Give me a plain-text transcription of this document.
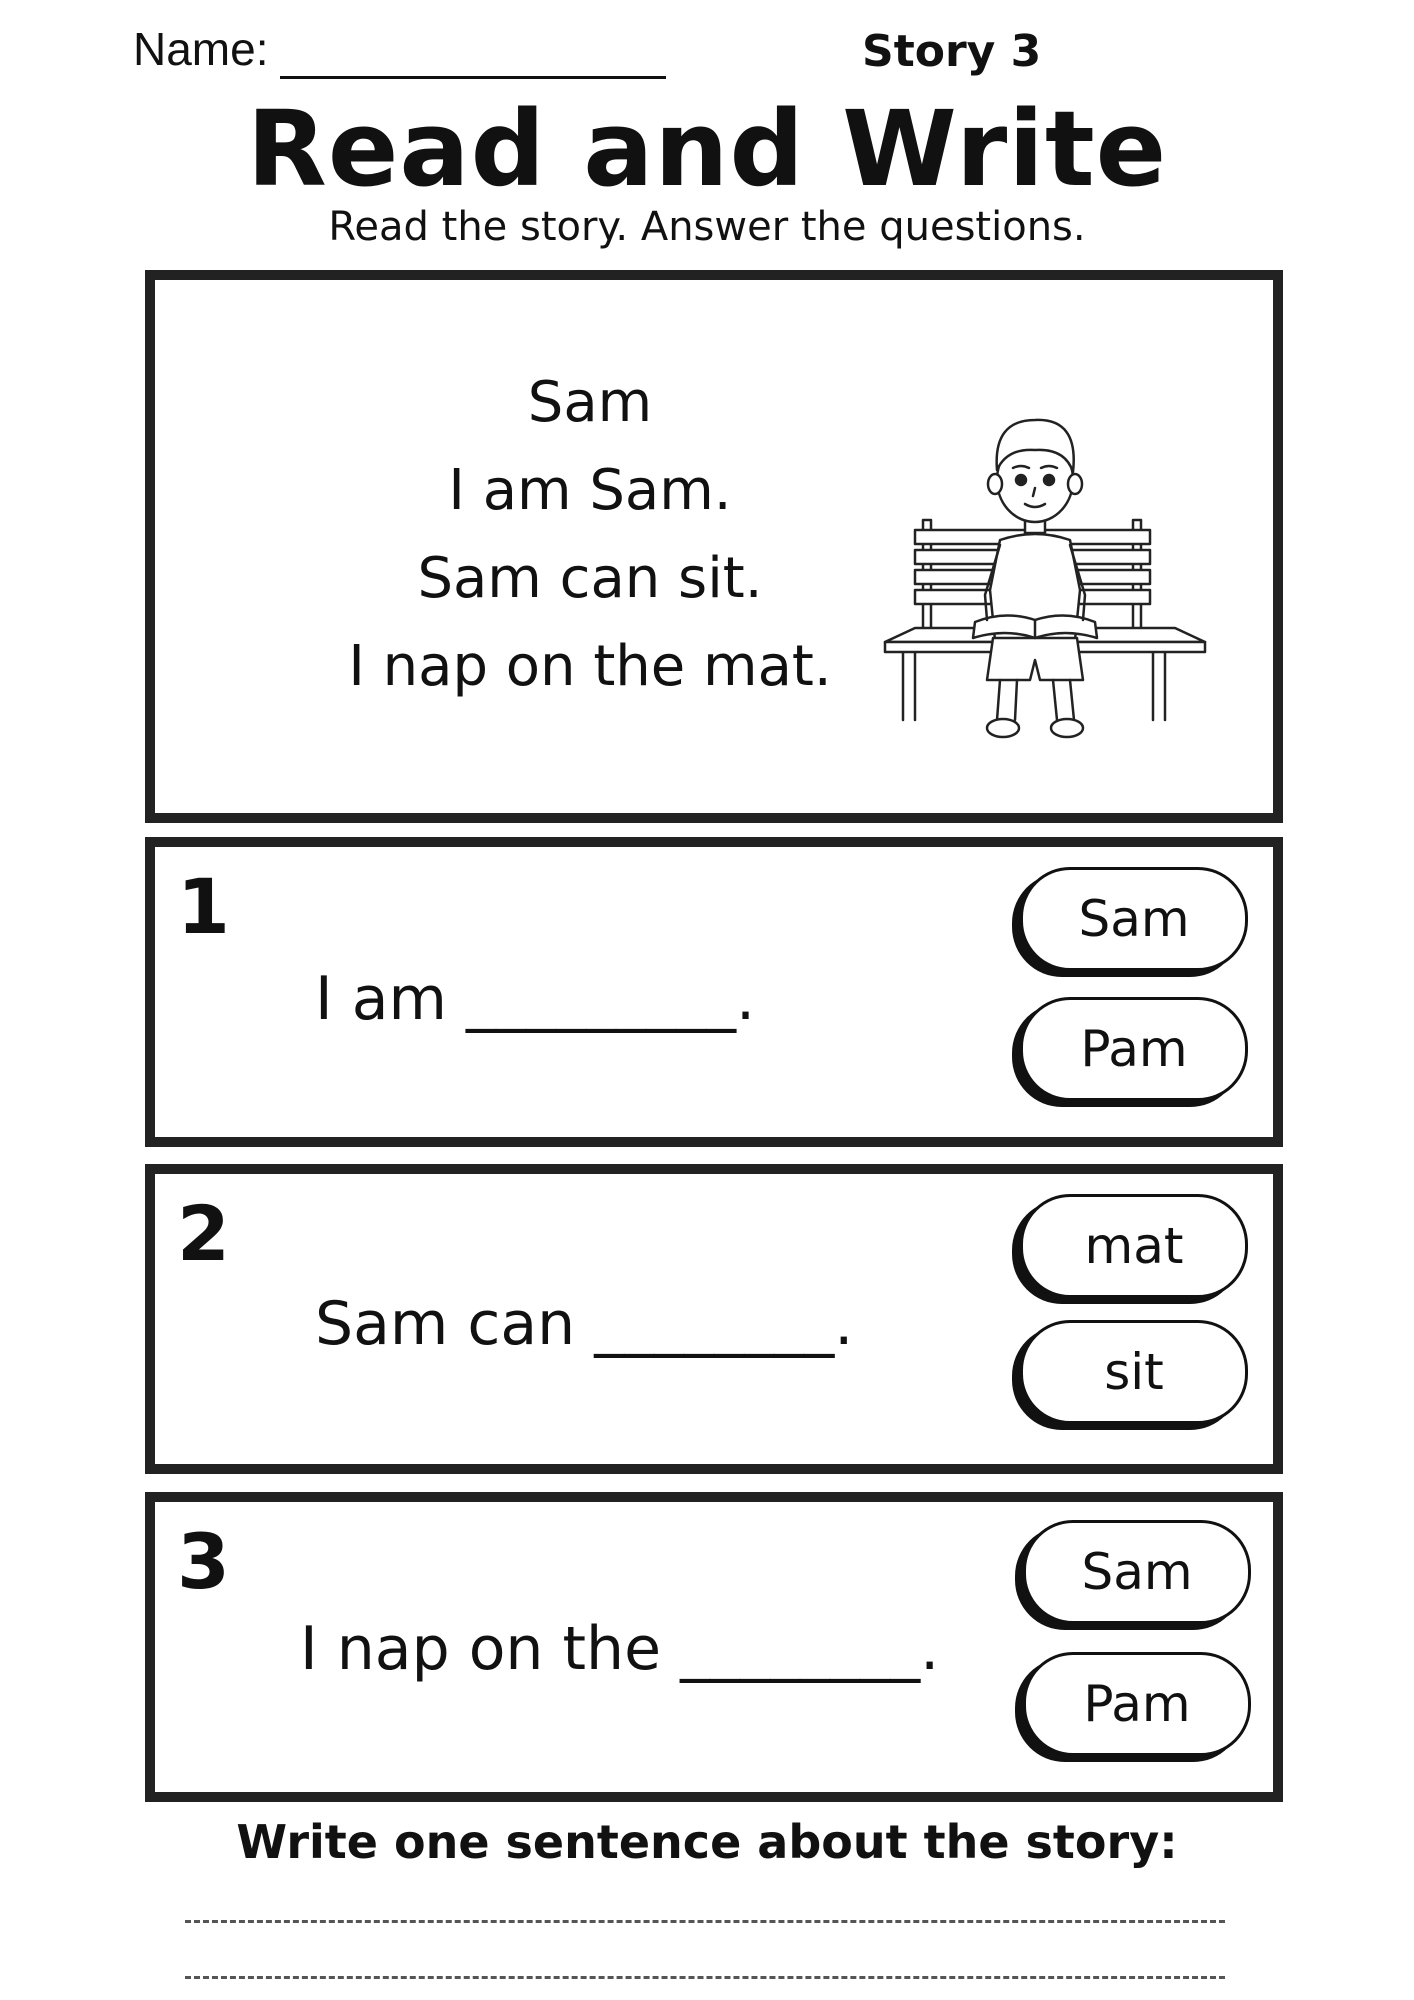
Name:	Story 3
Read and Write
Read the story. Answer the questions.
Sam
I am Sam.
Sam can sit.
I nap on the mat.
1
I am _________.
Sam
Pam
2
Sam can ________.
mat
sit
3
I nap on the ________.
Sam
Pam
Write one sentence about the story:
